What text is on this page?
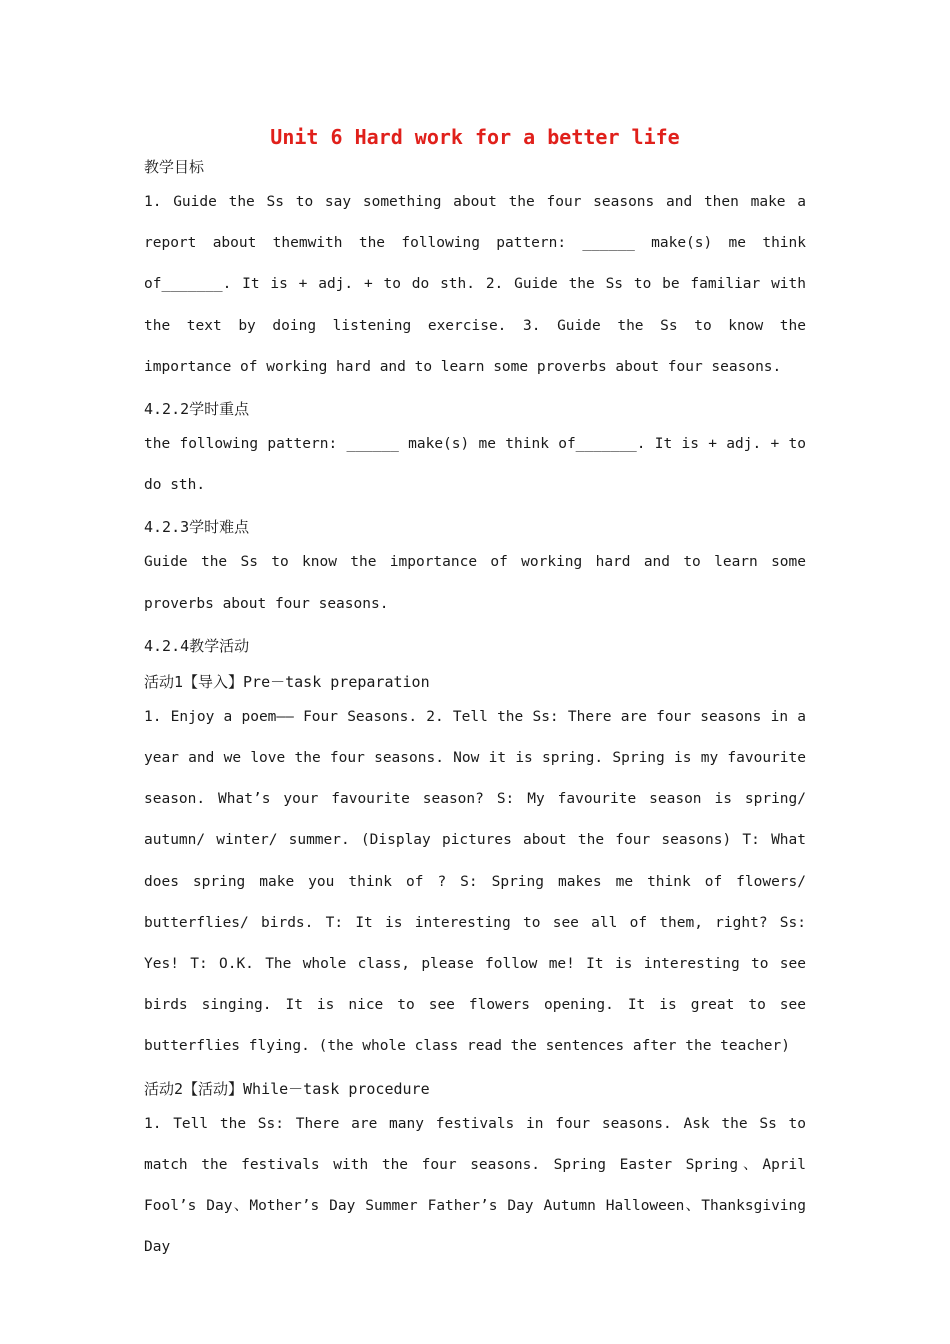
Unit 6 Hard work for a better life
教学目标

1. Guide the Ss to say something about the four seasons and then make a report about themwith the following pattern: ______ make(s) me think of_______. It is + adj. + to do sth. 2. Guide the Ss to be familiar with the text by doing listening exercise. 3. Guide the Ss to know the importance of working hard and to learn some proverbs about four seasons.

4.2.2学时重点

the following pattern: ______ make(s) me think of_______. It is + adj. + to do sth.

4.2.3学时难点

Guide the Ss to know the importance of working hard and to learn some proverbs about four seasons.

4.2.4教学活动
活动1【导入】Pre－task preparation

1. Enjoy a poem—— Four Seasons. 2. Tell the Ss: There are four seasons in a year and we love the four seasons. Now it is spring. Spring is my favourite season. What’s your favourite season? S: My favourite season is spring/ autumn/ winter/ summer. (Display pictures about the four seasons) T: What does spring make you think of ? S: Spring makes me think of flowers/ butterflies/ birds. T: It is interesting to see all of them, right? Ss: Yes! T: O.K. The whole class, please follow me! It is interesting to see birds singing. It is nice to see flowers opening. It is great to see butterflies flying. (the whole class read the sentences after the teacher)

活动2【活动】While－task procedure

1. Tell the Ss: There are many festivals in four seasons. Ask the Ss to match the festivals with the four seasons. Spring Easter Spring、April Fool’s Day、Mother’s Day Summer Father’s Day Autumn Halloween、Thanksgiving Day
